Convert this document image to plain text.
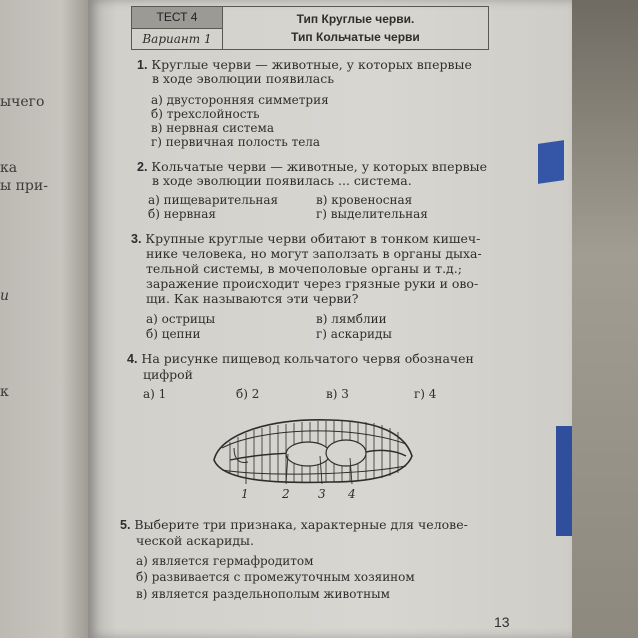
ычего
ка
ы при-
и
к
ТЕСТ 4
Вариант 1
Тип Круглые черви.
Тип Кольчатые черви
1. Круглые черви — животные, у которых впервые
в ходе эволюции появилась
а) двусторонняя симметрия
б) трехслойность
в) нервная система
г) первичная полость тела
2. Кольчатые черви — животные, у которых впервые
в ходе эволюции появилась ... система.
а) пищеварительная	в) кровеносная
б) нервная	г) выделительная
3. Крупные круглые черви обитают в тонком кишеч-
нике человека, но могут заползать в органы дыха-
тельной системы, в мочеполовые органы и т.д.;
заражение происходит через грязные руки и ово-
щи. Как называются эти черви?
а) острицы	в) лямблии
б) цепни	г) аскариды
4. На рисунке пищевод кольчатого червя обозначен
цифрой
а) 1	б) 2	в) 3	г) 4
1	2 3 4
5. Выберите три признака, характерные для челове-
ческой аскариды.
а) является гермафродитом
б) развивается с промежуточным хозяином
в) является раздельнополым животным
13
